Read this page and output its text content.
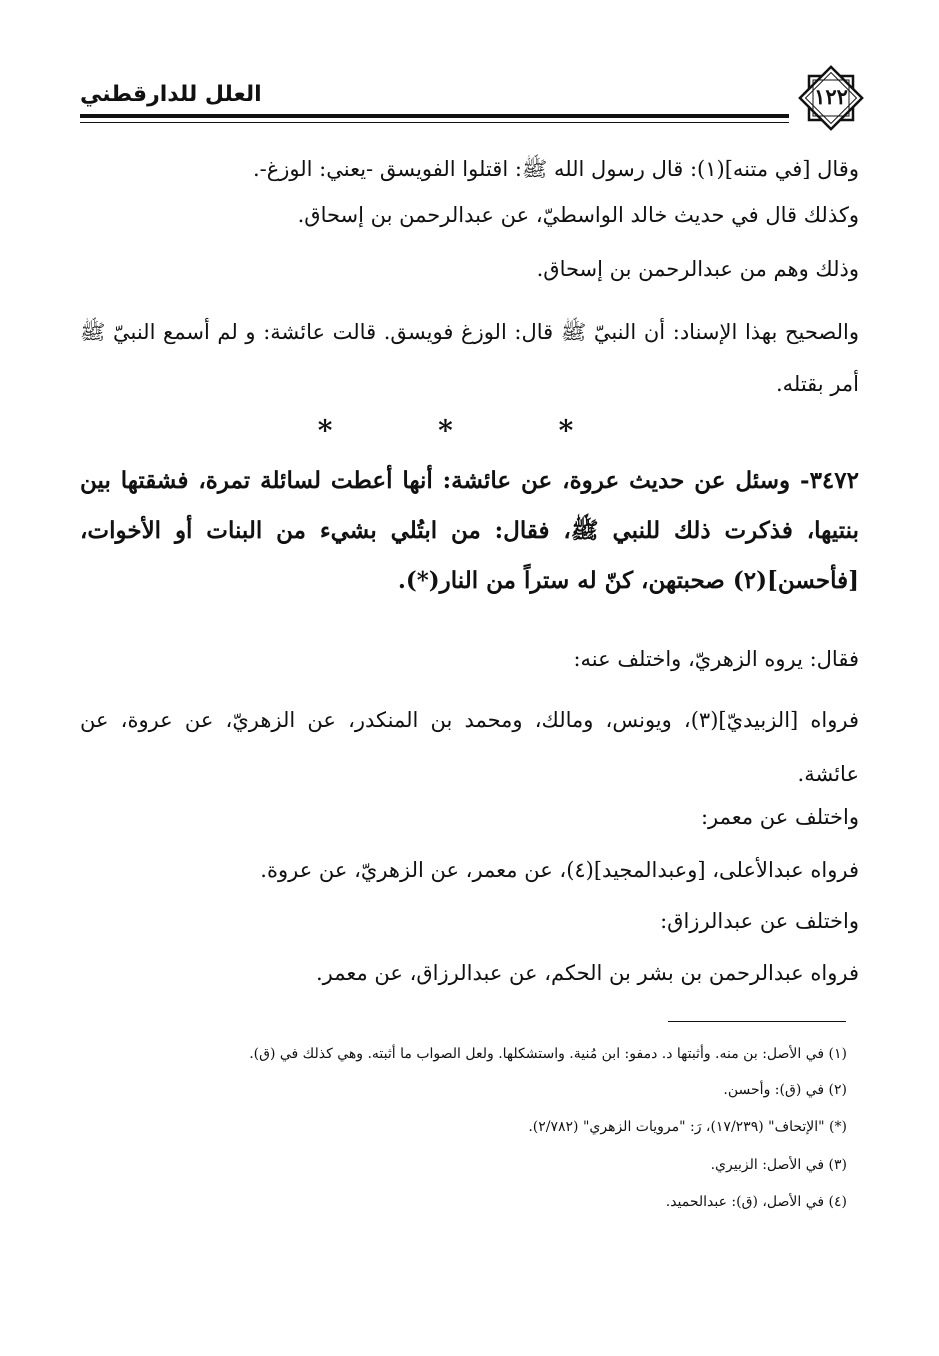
العلل للدارقطني	١٢٢
وقال [في متنه](١): قال رسول الله ﷺ: اقتلوا الفويسق -يعني: الوزغ-.
وكذلك قال في حديث خالد الواسطيّ، عن عبدالرحمن بن إسحاق.
وذلك وهم من عبدالرحمن بن إسحاق.
والصحيح بهذا الإسناد: أن النبيّ ﷺ قال: الوزغ فويسق. قالت عائشة: و لم أسمع النبيّ ﷺ أمر بقتله.
* * *
٣٤٧٢- وسئل عن حديث عروة، عن عائشة: أنها أعطت لسائلة تمرة، فشقتها بين بنتيها، فذكرت ذلك للنبي ﷺ، فقال: من ابتُلي بشيء من البنات أو الأخوات، [فأحسن](٢) صحبتهن، كنّ له ستراً من النار(*).
فقال: يروه الزهريّ، واختلف عنه:
فرواه [الزبيديّ](٣)، ويونس، ومالك، ومحمد بن المنكدر، عن الزهريّ، عن عروة، عن عائشة.
واختلف عن معمر:
فرواه عبدالأعلى، [وعبدالمجيد](٤)، عن معمر، عن الزهريّ، عن عروة.
واختلف عن عبدالرزاق:
فرواه عبدالرحمن بن بشر بن الحكم، عن عبدالرزاق، عن معمر.
(١) في الأصل: بن منه. وأثبتها د. دمفو: ابن مُنية. واستشكلها. ولعل الصواب ما أثبته. وهي كذلك في (ق).
(٢) في (ق): وأحسن.
(*) "الإتحاف" (١٧/٢٣٩)، رَ: "مرويات الزهري" (٢/٧٨٢).
(٣) في الأصل: الزبيري.
(٤) في الأصل، (ق): عبدالحميد.
